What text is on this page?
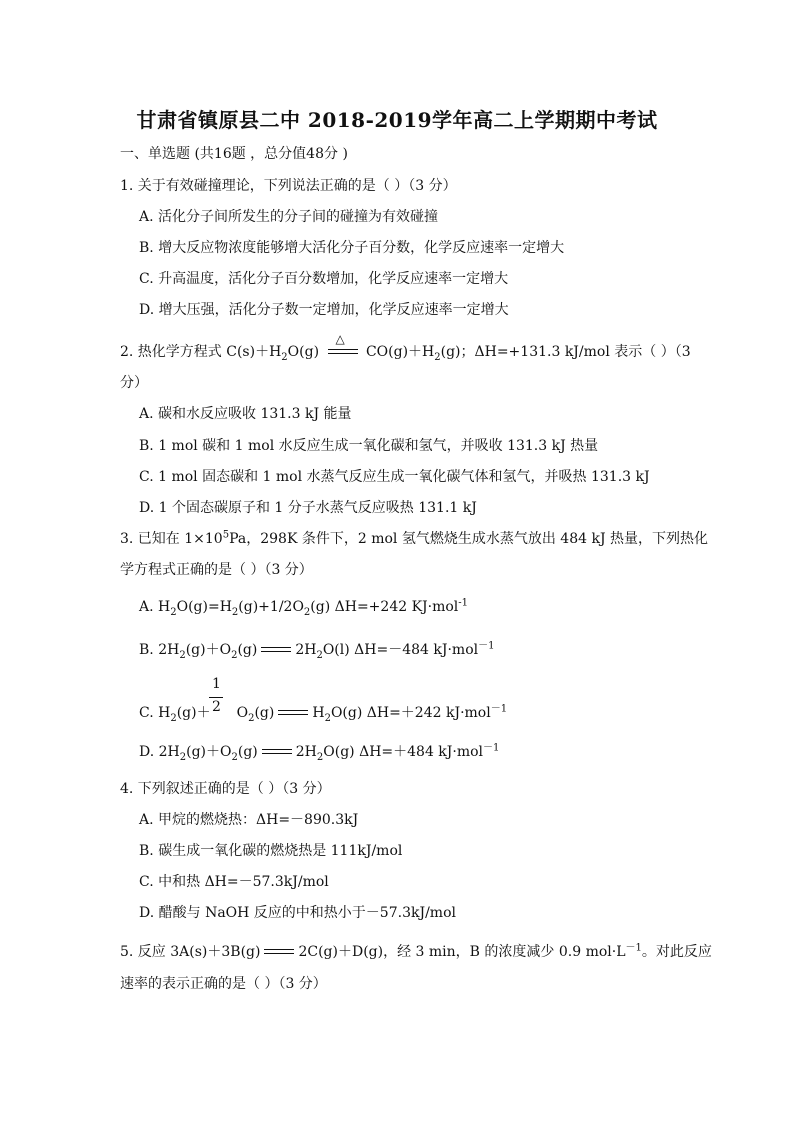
甘肃省镇原县二中 2018-2019学年高二上学期期中考试
一、单选题 (共16题 ，总分值48分 )
1. 关于有效碰撞理论，下列说法正确的是（ ）（3 分）
A. 活化分子间所发生的分子间的碰撞为有效碰撞
B. 增大反应物浓度能够增大活化分子百分数，化学反应速率一定增大
C. 升高温度，活化分子百分数增加，化学反应速率一定增大
D. 增大压强，活化分子数一定增加，化学反应速率一定增大
2. 热化学方程式 $C(s)+H_2O(g)$
△
$CO(g)+H_2(g)$；ΔH=+131.3 kJ/mol 表示（ ）（3
分）
A. 碳和水反应吸收 131.3 kJ 能量
B. 1 mol 碳和 1 mol 水反应生成一氧化碳和氢气，并吸收 131.3 kJ 热量
C. 1 mol 固态碳和 1 mol 水蒸气反应生成一氧化碳气体和氢气，并吸热 131.3 kJ
D. 1 个固态碳原子和 1 分子水蒸气反应吸热 131.1 kJ
3. 已知在 $1\times 10^5Pa$，298K 条件下，2 mol 氢气燃烧生成水蒸气放出 484 kJ 热量，下列热化
学方程式正确的是（ ）（3 分）
A. $H_2O(g)=H_2(g)+1/2O_2(g)$ ΔH=+242 KJ·mol$^{-1}$
B. $2H_2(g)+O_2(g)$	$2H_2O(l)$ ΔH=－484 kJ·mol$^{-1}$
1
2
C. $H_2(g)+ O_2(g)$	$H_2O(g)$ ΔH=＋242 kJ·mol$^{-1}$
D. $2H_2(g)+O_2(g)$	$2H_2O(g)$ ΔH=＋484 kJ·mol$^{-1}$
4. 下列叙述正确的是（ ）（3 分）
A. 甲烷的燃烧热：ΔH=－890.3kJ
B. 碳生成一氧化碳的燃烧热是 111kJ/mol
C. 中和热 ΔH=－57.3kJ/mol
D. 醋酸与 NaOH 反应的中和热小于－57.3kJ/mol
5. 反应 3A(s)＋3B(g)	2C(g)＋D(g)，经 3 min，B 的浓度减少 0.9 $mol\cdot L^{-1}$。对此反应
速率的表示正确的是（ ）（3 分）
